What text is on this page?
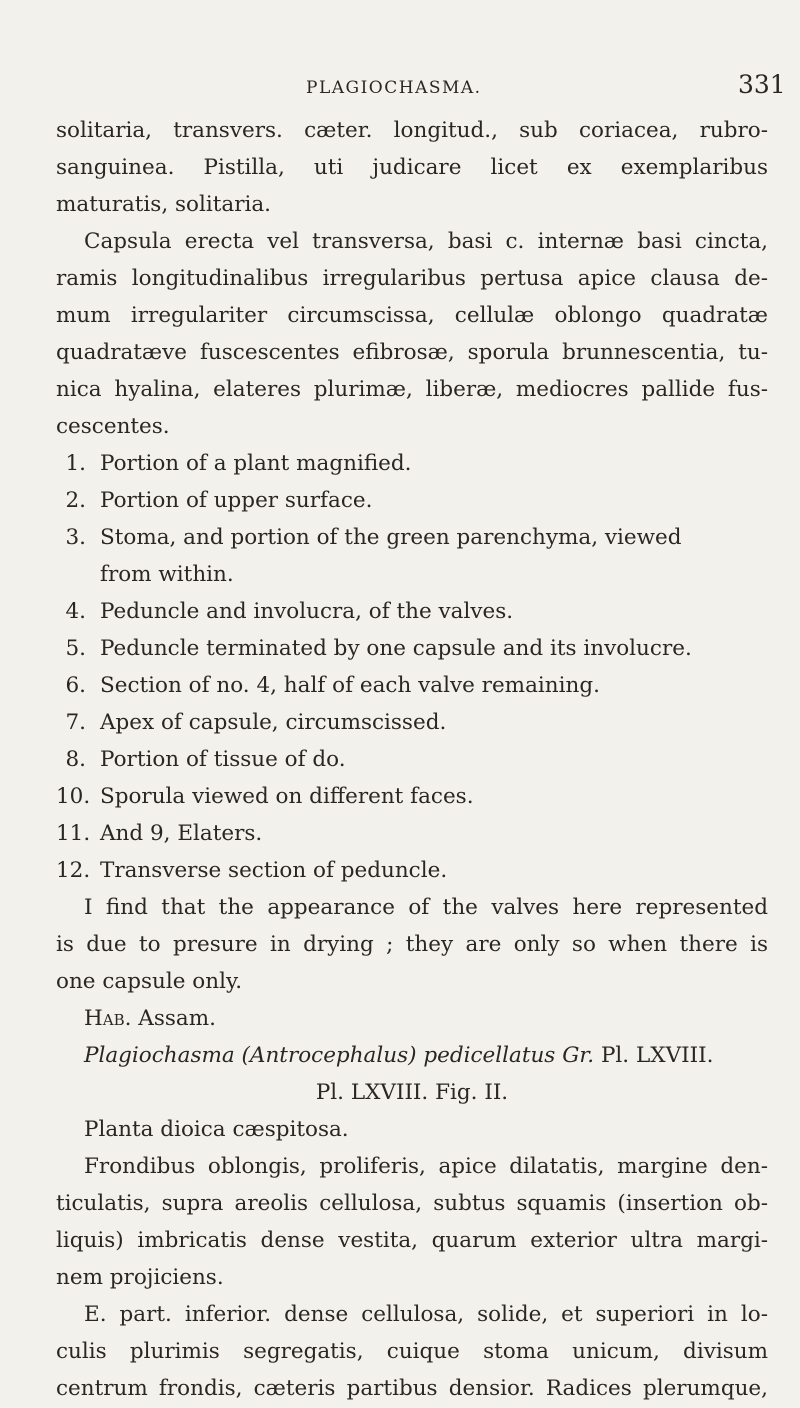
PLAGIOCHASMA.	331
solitaria, transvers. cæter. longitud., sub coriacea, rubro-
sanguinea. Pistilla, uti judicare licet ex exemplaribus
maturatis, solitaria.
Capsula erecta vel transversa, basi c. internæ basi cincta,
ramis longitudinalibus irregularibus pertusa apice clausa de-
mum irregulariter circumscissa, cellulæ oblongo quadratæ
quadratæve fuscescentes efibrosæ, sporula brunnescentia, tu-
nica hyalina, elateres plurimæ, liberæ, mediocres pallide fus-
cescentes.
1. Portion of a plant magnified.
2. Portion of upper surface.
3. Stoma, and portion of the green parenchyma, viewed
from within.
4. Peduncle and involucra, of the valves.
5. Peduncle terminated by one capsule and its involucre.
6. Section of no. 4, half of each valve remaining.
7. Apex of capsule, circumscissed.
8. Portion of tissue of do.
10. Sporula viewed on different faces.
11. And 9, Elaters.
12. Transverse section of peduncle.
I find that the appearance of the valves here represented
is due to presure in drying ; they are only so when there is
one capsule only.
Hab. Assam.
Plagiochasma (Antrocephalus) pedicellatus Gr. Pl. LXVIII.
Pl. LXVIII. Fig. II.
Planta dioica cæspitosa.
Frondibus oblongis, proliferis, apice dilatatis, margine den-
ticulatis, supra areolis cellulosa, subtus squamis (insertion ob-
liquis) imbricatis dense vestita, quarum exterior ultra margi-
nem projiciens.
E. part. inferior. dense cellulosa, solide, et superiori in lo-
culis plurimis segregatis, cuique stoma unicum, divisum
centrum frondis, cæteris partibus densior. Radices plerumque,
